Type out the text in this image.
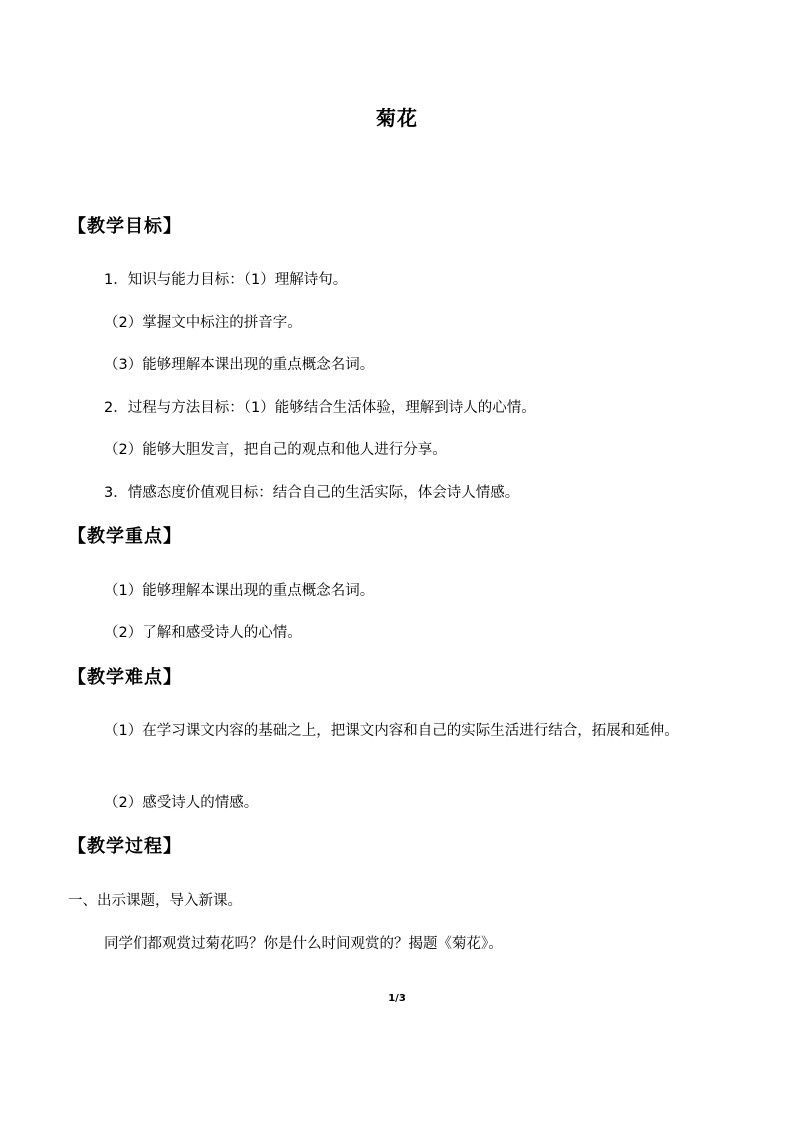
菊花
【教学目标】
1．知识与能力目标：（1）理解诗句。
（2）掌握文中标注的拼音字。
（3）能够理解本课出现的重点概念名词。
2．过程与方法目标：（1）能够结合生活体验，理解到诗人的心情。
（2）能够大胆发言，把自己的观点和他人进行分享。
3．情感态度价值观目标：结合自己的生活实际，体会诗人情感。
【教学重点】
（1）能够理解本课出现的重点概念名词。
（2）了解和感受诗人的心情。
【教学难点】
（1）在学习课文内容的基础之上，把课文内容和自己的实际生活进行结合，拓展和延伸。
（2）感受诗人的情感。
【教学过程】
一、出示课题，导入新课。
同学们都观赏过菊花吗？你是什么时间观赏的？揭题《菊花》。
1/3
